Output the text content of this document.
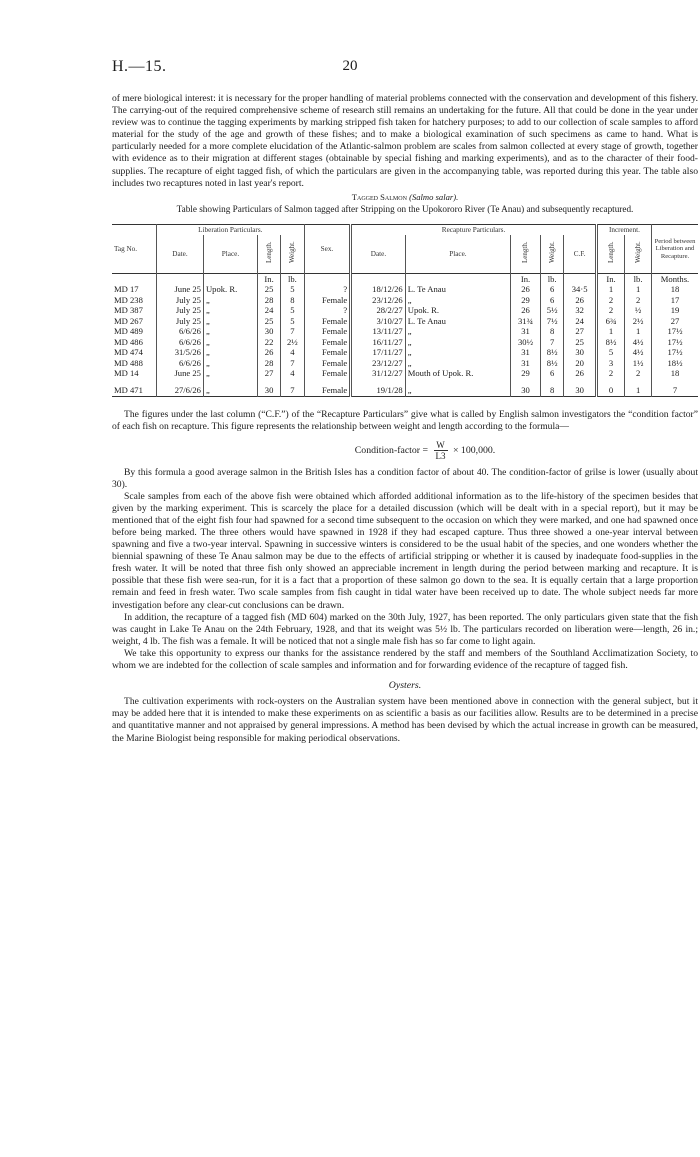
H.—15.	20

of mere biological interest: it is necessary for the proper handling of material problems connected with the conservation and development of this fishery. The carrying-out of the required comprehensive scheme of research still remains an undertaking for the future. All that could be done in the year under review was to continue the tagging experiments by marking stripped fish taken for hatchery purposes; to add to our collection of scale samples to afford material for the study of the age and growth of these fishes; and to make a biological examination of such specimens as came to hand. What is particularly needed for a more complete elucidation of the Atlantic-salmon problem are scales from salmon collected at every stage of growth, together with evidence as to their migration at different stages (obtainable by special fishing and marking experiments), and as to the character of their food-supplies. The recapture of eight tagged fish, of which the particulars are given in the accompanying table, was reported during this year. The table also includes two recaptures noted in last year's report.

Tagged Salmon (Salmo salar).
Table showing Particulars of Salmon tagged after Stripping on the Upokororo River (Te Anau) and subsequently recaptured.
Tag No.	Liberation Particulars.				Sex.	Recapture Particulars.					Increment.		Period between Liberation and Recapture.
	Date.	Place.	Length.	Weight.		Date.	Place.	Length.	Weight.	C.F.	Length.	Weight.	
			In.	lb.				In.	lb.		In.	lb.	Months.
MD 17	June 25	Upok. R.	25	5	?	18/12/26	L. Te Anau	26	6	34·5	1	1	18
MD 238	July 25	„	28	8	Female	23/12/26	„	29	6	26	2	2	17
MD 387	July 25	„	24	5	?	28/2/27	Upok. R.	26	5½	32	2	½	19
MD 267	July 25	„	25	5	Female	3/10/27	L. Te Anau	31¾	7½	24	6¾	2½	27
MD 489	6/6/26	„	30	7	Female	13/11/27	„	31	8	27	1	1	17½
MD 486	6/6/26	„	22	2½	Female	16/11/27	„	30½	7	25	8½	4½	17½
MD 474	31/5/26	„	26	4	Female	17/11/27	„	31	8½	30	5	4½	17½
MD 488	6/6/26	„	28	7	Female	23/12/27	„	31	8½	20	3	1½	18½
MD 14	June 25	„	27	4	Female	31/12/27	Mouth of Upok. R.	29	6	26	2	2	18
MD 471	27/6/26	„	30	7	Female	19/1/28	„	30	8	30	0	1	7

The figures under the last column (“C.F.”) of the “Recapture Particulars” give what is called by English salmon investigators the “condition factor” of each fish on recapture. This figure represents the relationship between weight and length according to the formula—

Condition-factor = $\frac{W}{L3} \times 100,000$.

By this formula a good average salmon in the British Isles has a condition factor of about 40. The condition-factor of grilse is lower (usually about 30).

Scale samples from each of the above fish were obtained which afforded additional information as to the life-history of the specimen besides that given by the marking experiment. This is scarcely the place for a detailed discussion (which will be dealt with in a special report), but it may be mentioned that of the eight fish four had spawned for a second time subsequent to the occasion on which they were marked, and one had spawned once before being marked. The three others would have spawned in 1928 if they had escaped capture. Thus three showed a one-year interval between spawning and five a two-year interval. Spawning in successive winters is considered to be the usual habit of the species, and one wonders whether the biennial spawning of these Te Anau salmon may be due to the effects of artificial stripping or whether it is caused by inadequate food-supplies in the fresh water. It will be noted that three fish only showed an appreciable increment in length during the period between marking and recapture. It is possible that these fish were sea-run, for it is a fact that a proportion of these salmon go down to the sea. It is equally certain that a large proportion remain and feed in fresh water. Two scale samples from fish caught in tidal water have been received up to date. The whole subject needs far more investigation before any clear-cut conclusions can be drawn.

In addition, the recapture of a tagged fish (MD 604) marked on the 30th July, 1927, has been reported. The only particulars given state that the fish was caught in Lake Te Anau on the 24th February, 1928, and that its weight was 5½ lb. The particulars recorded on liberation were—length, 26 in.; weight, 4 lb. The fish was a female. It will be noticed that not a single male fish has so far come to light again.

We take this opportunity to express our thanks for the assistance rendered by the staff and members of the Southland Acclimatization Society, to whom we are indebted for the collection of scale samples and information and for forwarding evidence of the recapture of tagged fish.

Oysters.

The cultivation experiments with rock-oysters on the Australian system have been mentioned above in connection with the general subject, but it may be added here that it is intended to make these experiments on as scientific a basis as our facilities allow. Results are to be determined in a precise and quantitative manner and not appraised by general impressions. A method has been devised by which the actual increase in growth can be measured, the Marine Biologist being responsible for making periodical observations.
